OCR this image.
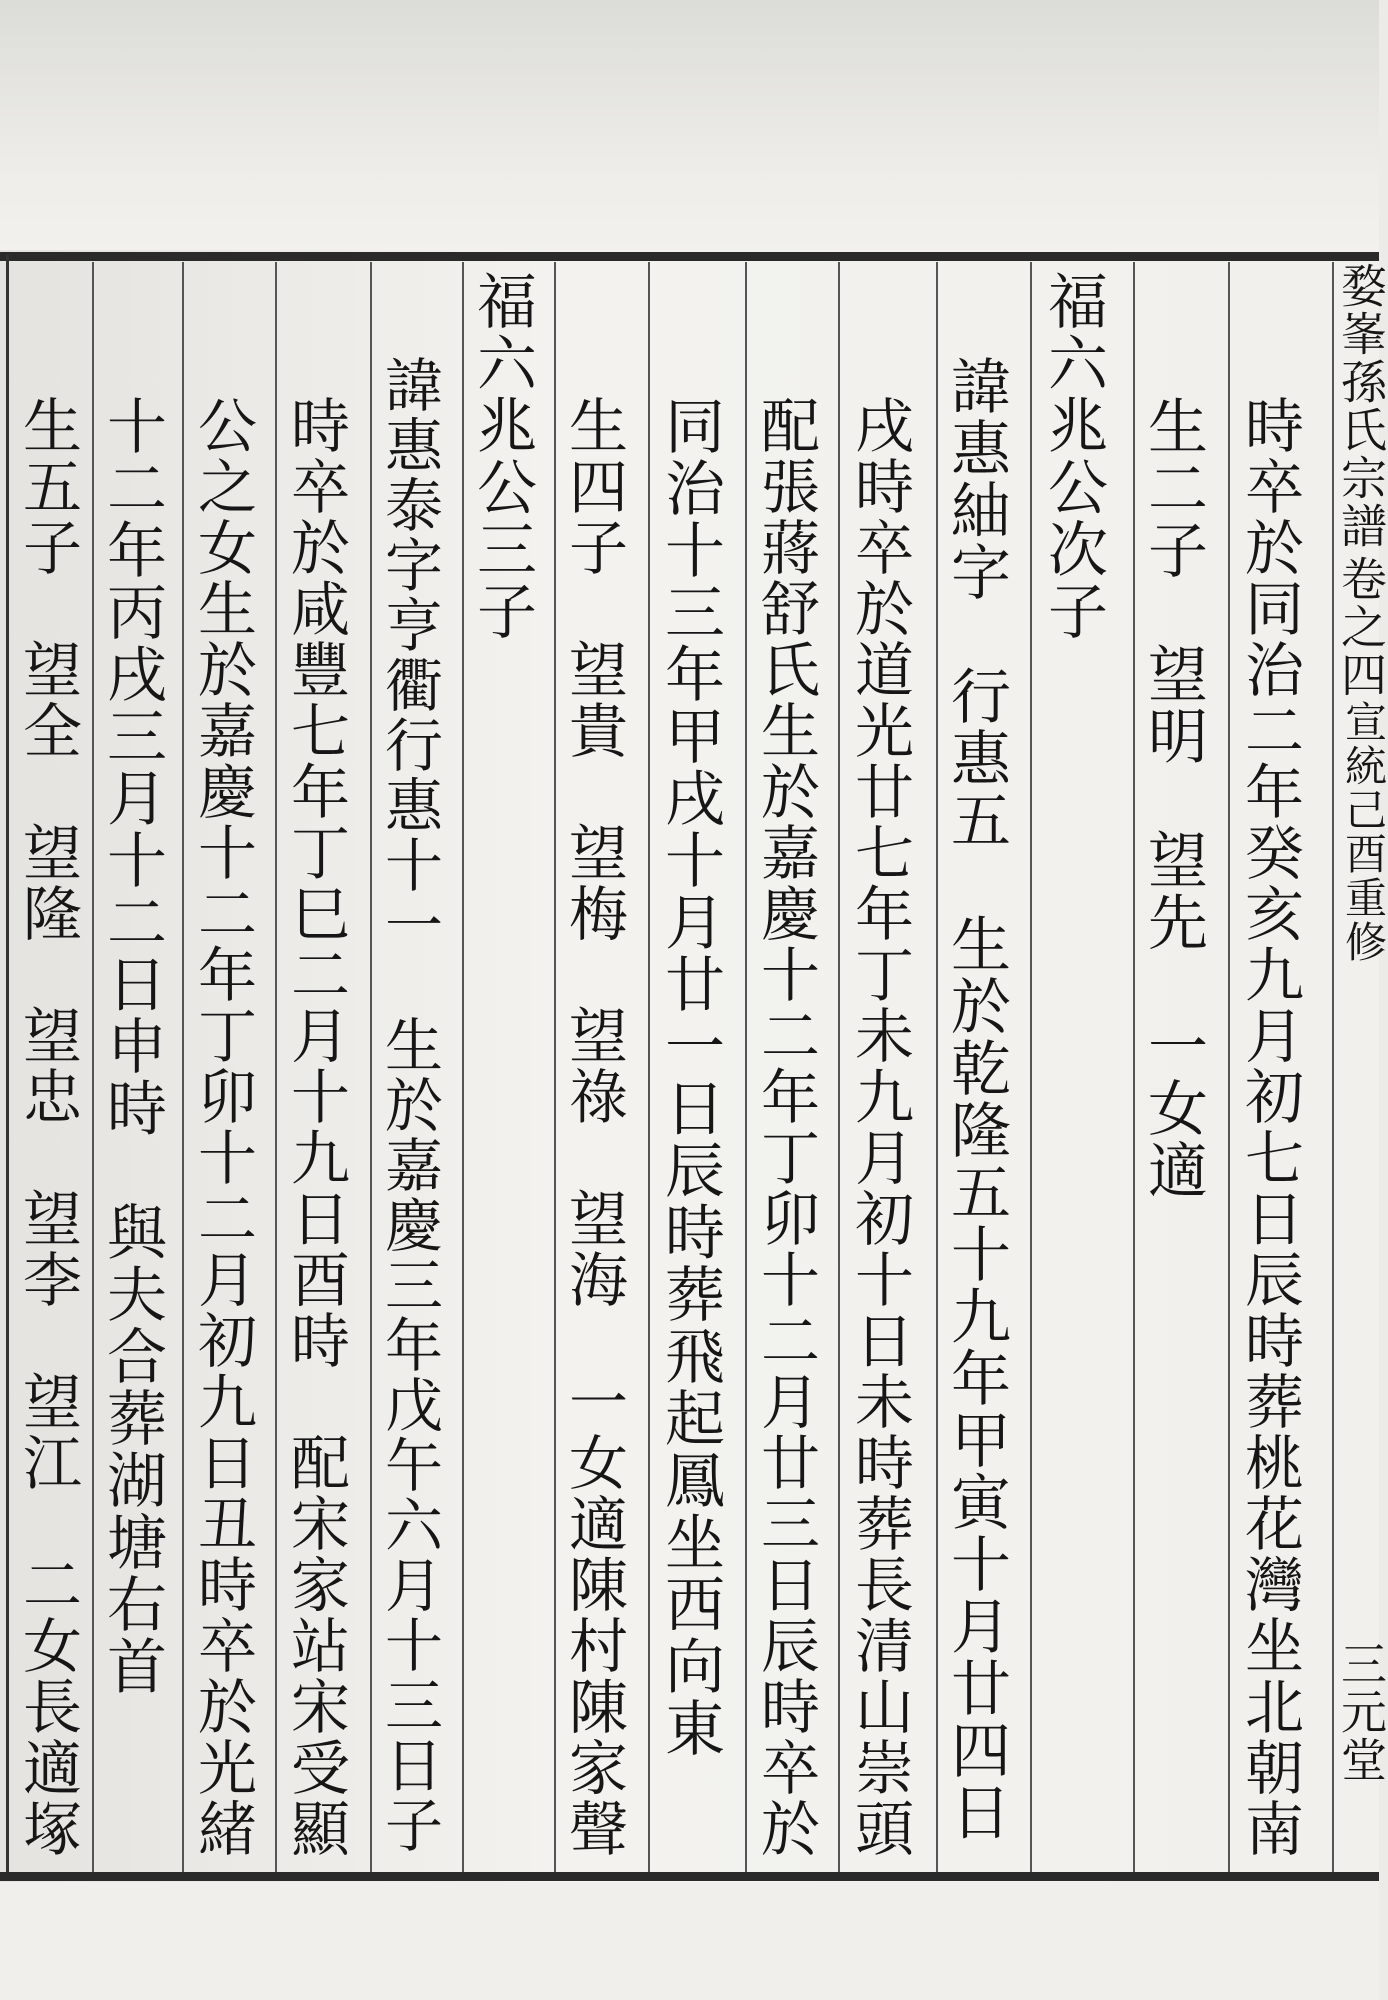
婺峯孫氏宗譜
卷之四
宣統己酉重修
三元堂
時卒於同治二年癸亥九月初七日辰時葬桃花灣坐北朝南
生二子　望明　望先　一女適
福六兆公次子
諱惠紬字　行惠五　生於乾隆五十九年甲寅十月廿四日
戌時卒於道光廿七年丁未九月初十日未時葬長清山崇頭
配張蔣舒氏生於嘉慶十二年丁卯十二月廿三日辰時卒於
同治十三年甲戌十月廿一日辰時葬飛起鳳坐西向東
生四子　望貴　望梅　望祿　望海　一女適陳村陳家聲
福六兆公三子
諱惠泰字亨衢行惠十一　生於嘉慶三年戊午六月十三日子
時卒於咸豐七年丁巳二月十九日酉時　配宋家站宋受顯
公之女生於嘉慶十二年丁卯十二月初九日丑時卒於光緒
十二年丙戌三月十二日申時　與夫合葬湖塘右首
生五子　望全　望隆　望忠　望李　望江　二女長適塚
